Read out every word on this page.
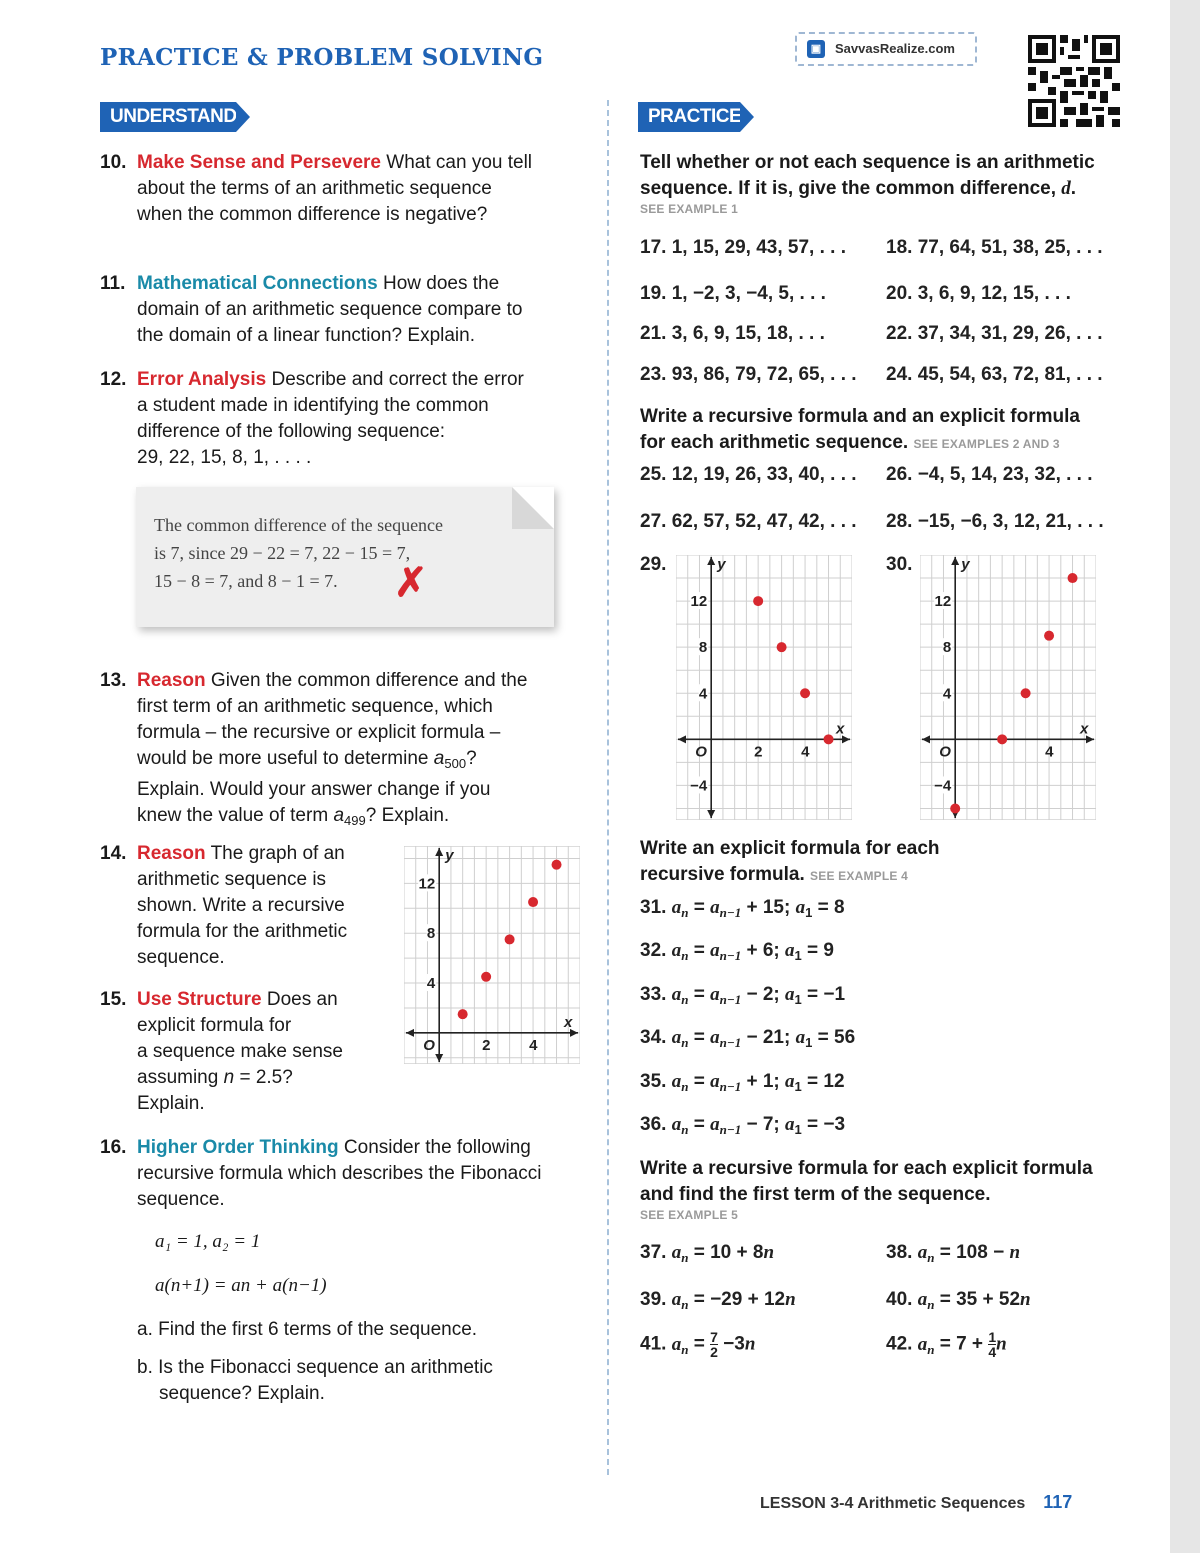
PRACTICE & PROBLEM SOLVING	▣ SavvasRealize.com
UNDERSTAND	PRACTICE
10. Make Sense and Persevere What can you tell
about the terms of an arithmetic sequence
when the common difference is negative?
11. Mathematical Connections How does the
domain of an arithmetic sequence compare to
the domain of a linear function? Explain.
12. Error Analysis Describe and correct the error
a student made in identifying the common
difference of the following sequence:
29, 22, 15, 8, 1, . . . .
The common difference of the sequence
is 7, since 29 − 22 = 7, 22 − 15 = 7,
15 − 8 = 7, and 8 − 1 = 7.	✗
13. Reason Given the common difference and the
first term of an arithmetic sequence, which
formula – the recursive or explicit formula –
would be more useful to determine $a_{500}$?
Explain. Would your answer change if you
knew the value of term $a_{499}$? Explain.
14. Reason The graph of an
arithmetic sequence is
shown. Write a recursive
formula for the arithmetic
sequence.
15. Use Structure Does an
explicit formula for
a sequence make sense
assuming n = 2.5?
Explain.
16. Higher Order Thinking Consider the following
recursive formula which describes the Fibonacci
sequence.
a₁ = 1, a₂ = 1
a(n+1) = an + a(n−1)
a. Find the first 6 terms of the sequence.
b. Is the Fibonacci sequence an arithmetic
sequence? Explain.
y
x
O	2	4
4
8
12
Tell whether or not each sequence is an arithmetic
sequence. If it is, give the common difference, d.
SEE EXAMPLE 1
17. 1, 15, 29, 43, 57, . . . 18. 77, 64, 51, 38, 25, . . .
19. 1, −2, 3, −4, 5, . . .	20. 3, 6, 9, 12, 15, . . .
21. 3, 6, 9, 15, 18, . . .	22. 37, 34, 31, 29, 26, . . .
23. 93, 86, 79, 72, 65, . . . 24. 45, 54, 63, 72, 81, . . .
Write a recursive formula and an explicit formula
for each arithmetic sequence. SEE EXAMPLES 2 AND 3
25. 12, 19, 26, 33, 40, . . . 26. −4, 5, 14, 23, 32, . . .
27. 62, 57, 52, 47, 42, . . . 28. −15, −6, 3, 12, 21, . . .
29.	30.
y
x
O	2	4
−4
4
8
12
y
x
O	4
−4
4
8
12
Write an explicit formula for each
recursive formula. SEE EXAMPLE 4
31. $a_n = a_{n-1} + 15$; $a_1 = 8$
32. $a_n = a_{n-1} + 6$; $a_1 = 9$
33. $a_n = a_{n-1} - 2$; $a_1 = -1$
34. $a_n = a_{n-1} - 21$; $a_1 = 56$
35. $a_n = a_{n-1} + 1$; $a_1 = 12$
36. $a_n = a_{n-1} - 7$; $a_1 = -3$
Write a recursive formula for each explicit formula
and find the first term of the sequence.
SEE EXAMPLE 5
37. $a_n = 10 + 8n$	38. $a_n = 108 - n$
39. $a_n = -29 + 12n$	40. $a_n = 35 + 52n$
41. $a_n = \frac{7}{2} -3n$	42. $a_n = 7 + \frac{1}{4}$ n
LESSON 3-4 Arithmetic Sequences 117
